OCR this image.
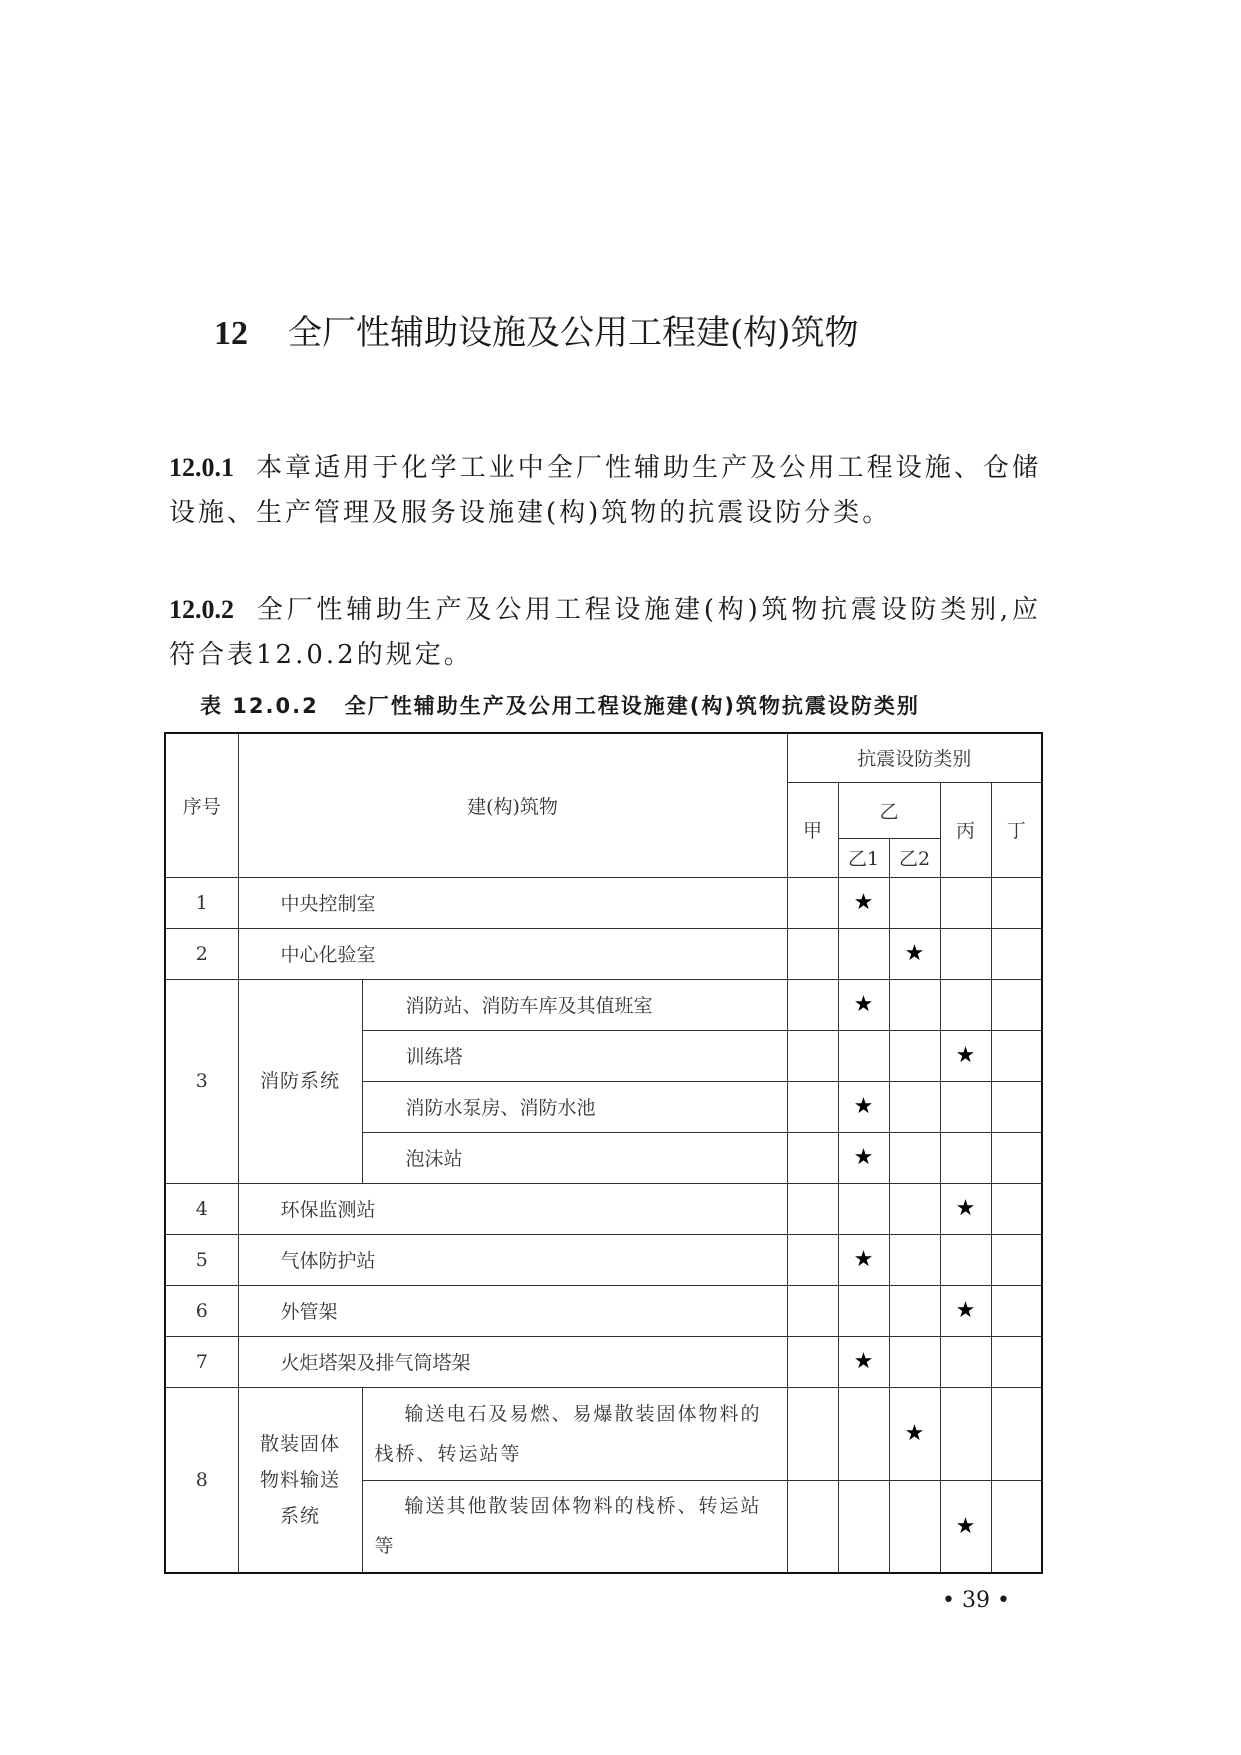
12 全厂性辅助设施及公用工程建(构)筑物
12.0.1 本章适用于化学工业中全厂性辅助生产及公用工程设施、仓储设施、生产管理及服务设施建(构)筑物的抗震设防分类。
12.0.2 全厂性辅助生产及公用工程设施建(构)筑物抗震设防类别,应符合表12.0.2的规定。
表 12.0.2 全厂性辅助生产及公用工程设施建(构)筑物抗震设防类别
序号	建(构)筑物		抗震设防类别				
			甲	乙		丙	丁
				乙1	乙2		
1	中央控制室			★			
2	中心化验室				★		
3	消防系统	消防站、消防车库及其值班室		★			
		训练塔				★	
		消防水泵房、消防水池		★			
		泡沫站		★			
4	环保监测站					★	
5	气体防护站			★			
6	外管架					★	
7	火炬塔架及排气筒塔架			★			
8	散装固体物料输送系统	输送电石及易燃、易爆散装固体物料的栈桥、转运站等			★		
		输送其他散装固体物料的栈桥、转运站等				★	
• 39 •
